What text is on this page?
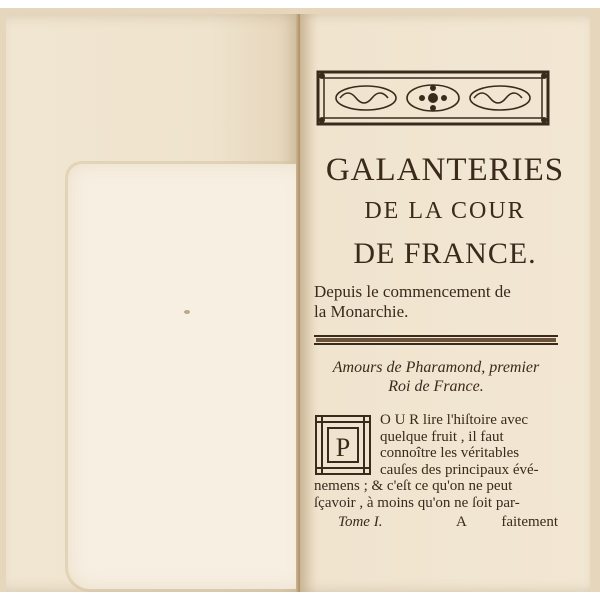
GALANTERIES
DE LA COUR
DE FRANCE.
Depuis le commencement de
la Monarchie.
Amours de Pharamond, premier
Roi de France.
P
O U R lire l'hiſtoire avec
quelque fruit , il faut
connoître les véritables
cauſes des principaux évé-
nemens ; & c'eſt ce qu'on ne peut
ſçavoir , à moins qu'on ne ſoit par-
Tome I.	A faitement
